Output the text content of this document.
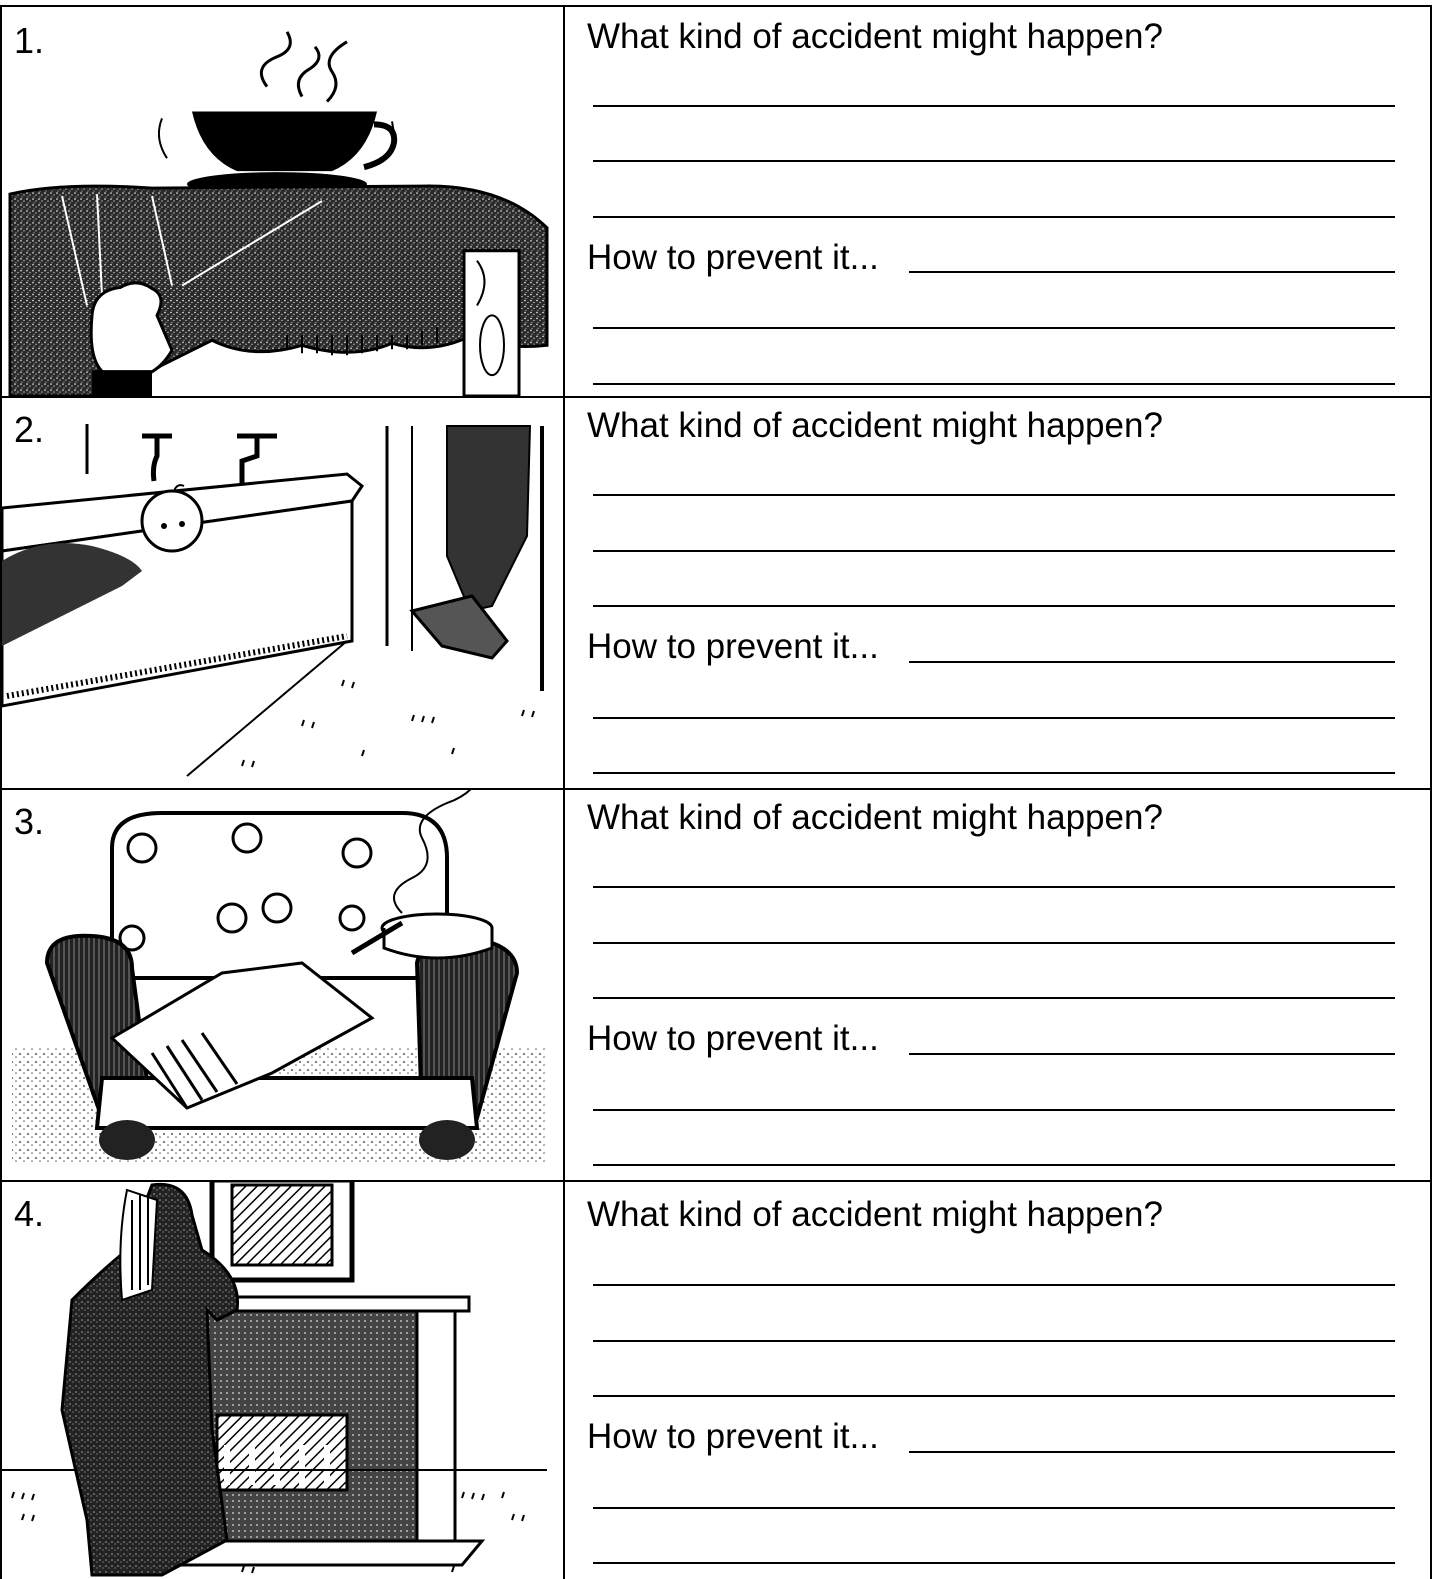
1.	What kind of accident might happen?
How to prevent it...
2.	What kind of accident might happen?
How to prevent it...
3.	What kind of accident might happen?
How to prevent it...
4.	What kind of accident might happen?
How to prevent it...
